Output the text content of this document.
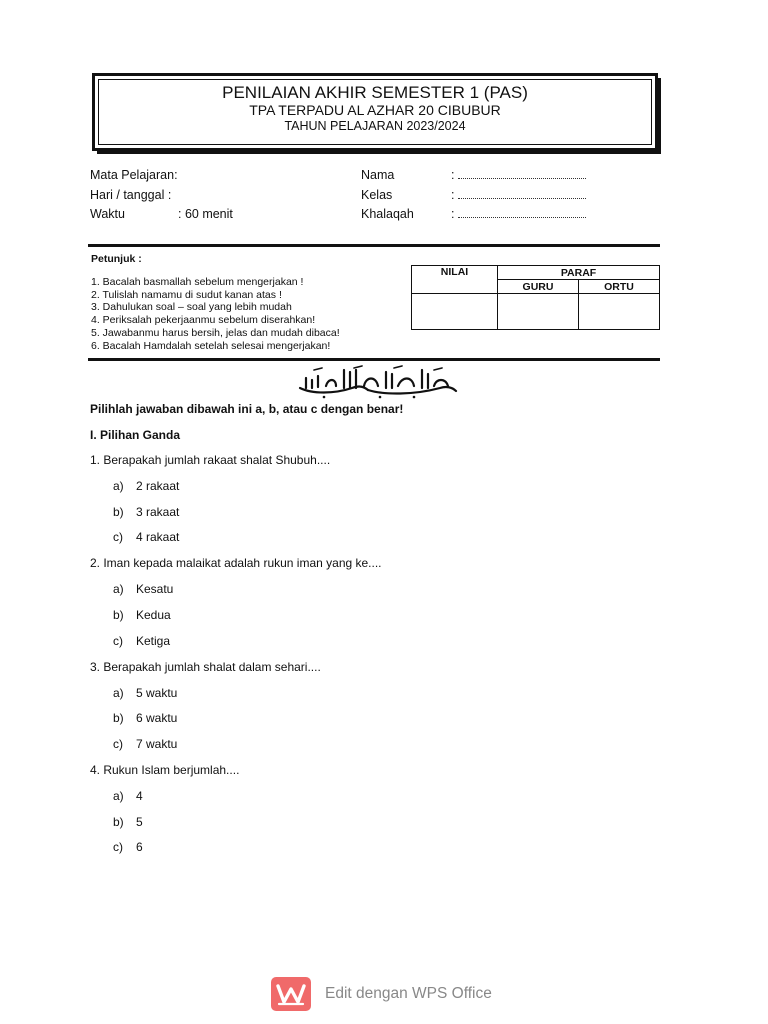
PENILAIAN AKHIR SEMESTER 1 (PAS)
TPA TERPADU AL AZHAR 20 CIBUBUR
TAHUN PELAJARAN 2023/2024
Mata Pelajaran:
Hari / tanggal :
Waktu	: 60 menit
Nama	:
Kelas	:
Khalaqah	:
Petunjuk :
1. Bacalah basmallah sebelum mengerjakan !
2. Tulislah namamu di sudut kanan atas !
3. Dahulukan soal – soal yang lebih mudah
4. Periksalah pekerjaanmu sebelum diserahkan!
5. Jawabanmu harus bersih, jelas dan mudah dibaca!
6. Bacalah Hamdalah setelah selesai mengerjakan!
NILAI	PARAF	
	GURU	ORTU

Pilihlah jawaban dibawah ini a, b, atau c dengan benar!
I. Pilihan Ganda
1. Berapakah jumlah rakaat shalat Shubuh....
a) 2 rakaat
b) 3 rakaat
c) 4 rakaat
2. Iman kepada malaikat adalah rukun iman yang ke....
a) Kesatu
b) Kedua
c) Ketiga
3. Berapakah jumlah shalat dalam sehari....
a) 5 waktu
b) 6 waktu
c) 7 waktu
4. Rukun Islam berjumlah....
a) 4
b) 5
c) 6
Edit dengan WPS Office
